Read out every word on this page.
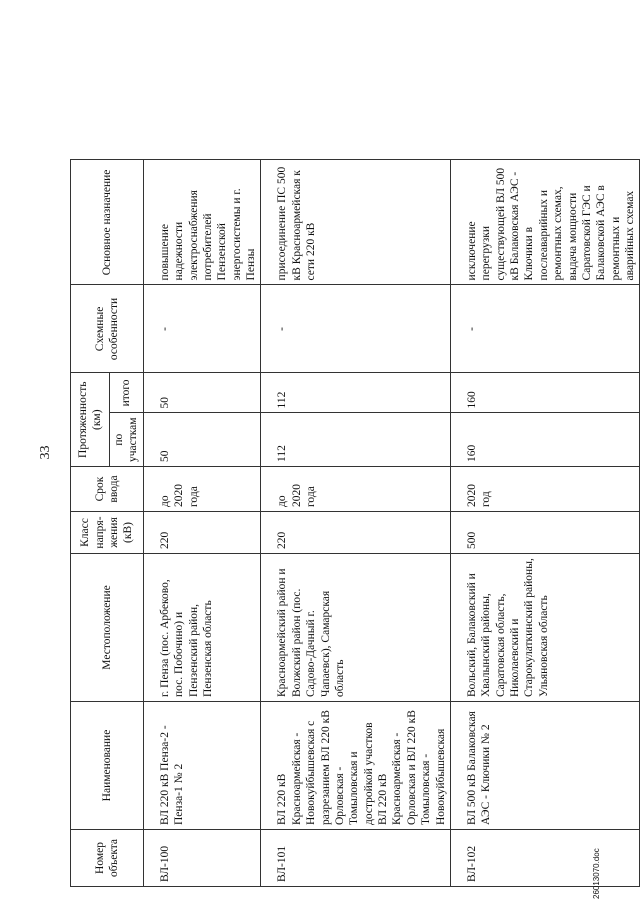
33
Номер объекта	Наименование	Местоположение	Класс напря-жения (кВ)	Срок ввода	Протяженность (км)		Схемные особенности	Основное назначение
					по участкам	итого		
ВЛ-100	ВЛ 220 кВ Пенза-2 - Пенза-1 № 2	г. Пенза (пос. Арбеково, пос. Побочино) и Пензенский район, Пензенская область	220	до 2020 года	50	50	-	повышение надежности электроснабжения потребителей Пензенской энергосистемы и г. Пензы
ВЛ-101	ВЛ 220 кВ Красноармейская - Новокуйбышевская с разрезанием ВЛ 220 кВ Орловская - Томыловская и достройкой участков ВЛ 220 кВ Красноармейская - Орловская и ВЛ 220 кВ Томыловская - Новокуйбышевская	Красноармейский район и Волжский район (пос. Садово-Дачный г. Чапаевск), Самарская область	220	до 2020 года	112	112	-	присоединение ПС 500 кВ Красноармейская к сети 220 кВ
ВЛ-102	ВЛ 500 кВ Балаковская АЭС - Ключики № 2	Вольский, Балаковский и Хвалынский районы, Саратовская область, Николаевский и Старокулаткинский районы, Ульяновская область	500	2020 год	160	160	-	исключение перегрузки существующей ВЛ 500 кВ Балаковская АЭС - Ключики в послеаварийных и ремонтных схемах, выдача мощности Саратовской ГЭС и Балаковской АЭС в ремонтных и аварийных схемах
26013070.doc
